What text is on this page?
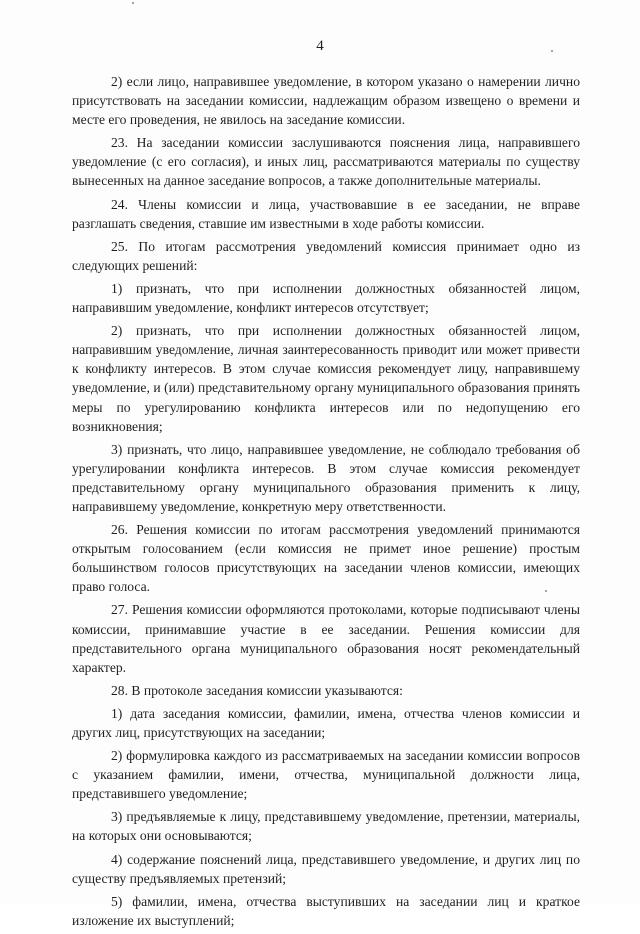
4

2) если лицо, направившее уведомление, в котором указано о намерении лично присутствовать на заседании комиссии, надлежащим образом извещено о времени и месте его проведения, не явилось на заседание комиссии.

23. На заседании комиссии заслушиваются пояснения лица, направившего уведомление (с его согласия), и иных лиц, рассматриваются материалы по существу вынесенных на данное заседание вопросов, а также дополнительные материалы.

24. Члены комиссии и лица, участвовавшие в ее заседании, не вправе разглашать сведения, ставшие им известными в ходе работы комиссии.

25. По итогам рассмотрения уведомлений комиссия принимает одно из следующих решений:

1) признать, что при исполнении должностных обязанностей лицом, направившим уведомление, конфликт интересов отсутствует;

2) признать, что при исполнении должностных обязанностей лицом, направившим уведомление, личная заинтересованность приводит или может привести к конфликту интересов. В этом случае комиссия рекомендует лицу, направившему уведомление, и (или) представительному органу муниципального образования принять меры по урегулированию конфликта интересов или по недопущению его возникновения;

3) признать, что лицо, направившее уведомление, не соблюдало требования об урегулировании конфликта интересов. В этом случае комиссия рекомендует представительному органу муниципального образования применить к лицу, направившему уведомление, конкретную меру ответственности.

26. Решения комиссии по итогам рассмотрения уведомлений принимаются открытым голосованием (если комиссия не примет иное решение) простым большинством голосов присутствующих на заседании членов комиссии, имеющих право голоса.

27. Решения комиссии оформляются протоколами, которые подписывают члены комиссии, принимавшие участие в ее заседании. Решения комиссии для представительного органа муниципального образования носят рекомендательный характер.

28. В протоколе заседания комиссии указываются:

1) дата заседания комиссии, фамилии, имена, отчества членов комиссии и других лиц, присутствующих на заседании;

2) формулировка каждого из рассматриваемых на заседании комиссии вопросов с указанием фамилии, имени, отчества, муниципальной должности лица, представившего уведомление;

3) предъявляемые к лицу, представившему уведомление, претензии, материалы, на которых они основываются;

4) содержание пояснений лица, представившего уведомление, и других лиц по существу предъявляемых претензий;

5) фамилии, имена, отчества выступивших на заседании лиц и краткое изложение их выступлений;
